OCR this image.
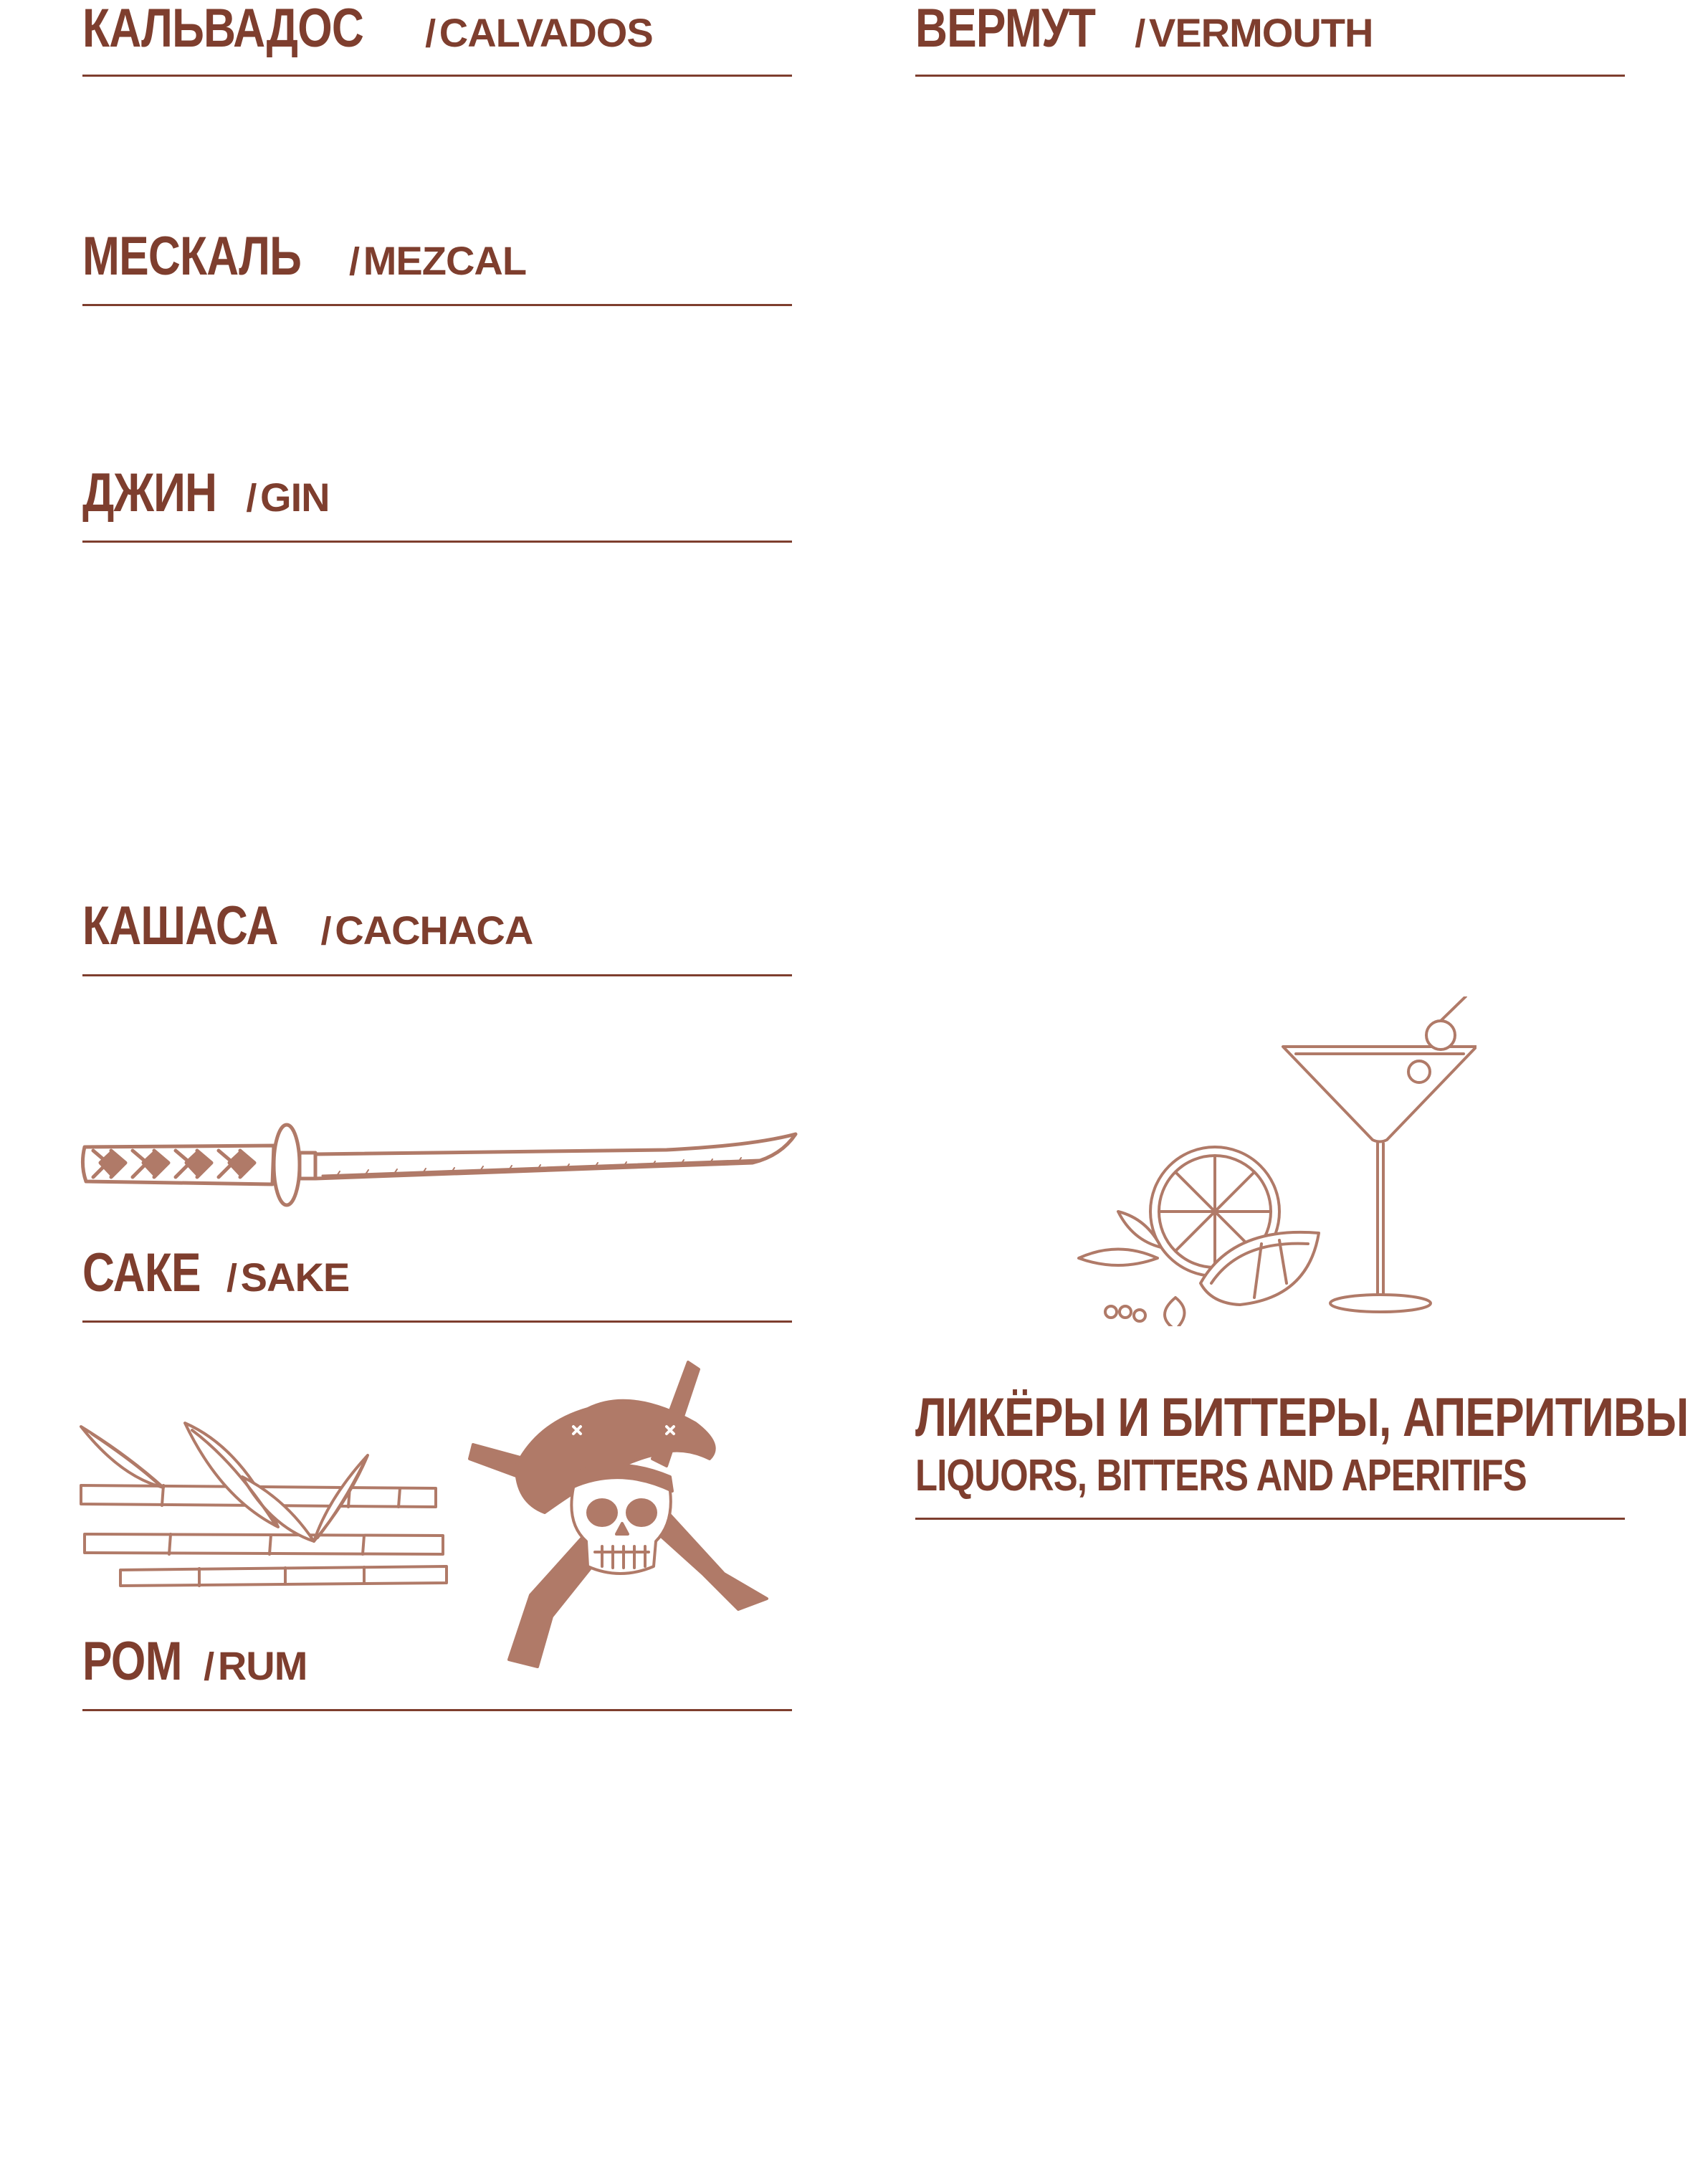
КАЛЬВАДОС / CALVADOS
МЕСКАЛЬ / MEZCAL
ДЖИН / GIN
КАШАСА / CACHACA
САКЕ / SAKE
РОМ / RUM
ВЕРМУТ / VERMOUTH
ЛИКЁРЫ И БИТТЕРЫ, АПЕРИТИВЫ
LIQUORS, BITTERS AND APERITIFS
